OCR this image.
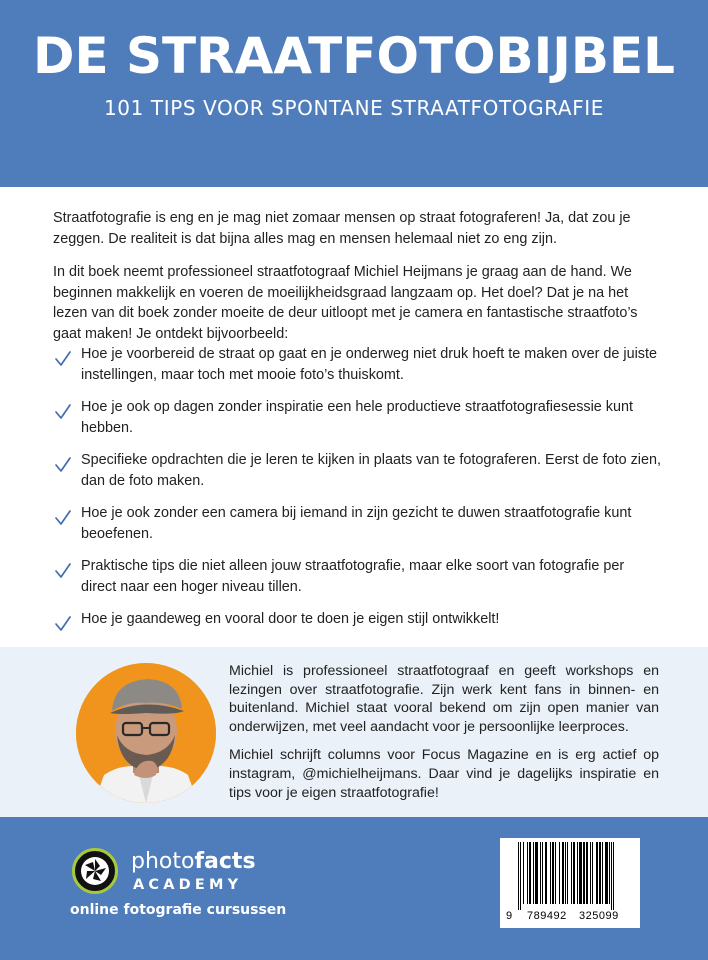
DE STRAATFOTOBIJBEL
101 TIPS VOOR SPONTANE STRAATFOTOGRAFIE
Straatfotografie is eng en je mag niet zomaar mensen op straat fotograferen! Ja, dat zou je zeggen. De realiteit is dat bijna alles mag en mensen helemaal niet zo eng zijn.
In dit boek neemt professioneel straatfotograaf Michiel Heijmans je graag aan de hand. We beginnen makkelijk en voeren de moeilijkheidsgraad langzaam op. Het doel? Dat je na het lezen van dit boek zonder moeite de deur uitloopt met je camera en fantastische straatfoto’s gaat maken! Je ontdekt bijvoorbeeld:
Hoe je voorbereid de straat op gaat en je onderweg niet druk hoeft te maken over de juiste instellingen, maar toch met mooie foto’s thuiskomt.
Hoe je ook op dagen zonder inspiratie een hele productieve straatfotografiesessie kunt hebben.
Specifieke opdrachten die je leren te kijken in plaats van te fotograferen. Eerst de foto zien, dan de foto maken.
Hoe je ook zonder een camera bij iemand in zijn gezicht te duwen straatfotografie kunt beoefenen.
Praktische tips die niet alleen jouw straatfotografie, maar elke soort van fotografie per direct naar een hoger niveau tillen.
Hoe je gaandeweg en vooral door te doen je eigen stijl ontwikkelt!

Michiel is professioneel straatfotograaf en geeft workshops en lezingen over straatfotografie. Zijn werk kent fans in binnen- en buitenland. Michiel staat vooral bekend om zijn open manier van onderwijzen, met veel aandacht voor je persoonlijke leerproces.

Michiel schrijft columns voor Focus Magazine en is erg actief op instagram, @michielheijmans. Daar vind je dagelijks inspiratie en tips voor je eigen straatfotografie!

photofacts
ACADEMY
online fotografie cursussen	9 789492 325099
